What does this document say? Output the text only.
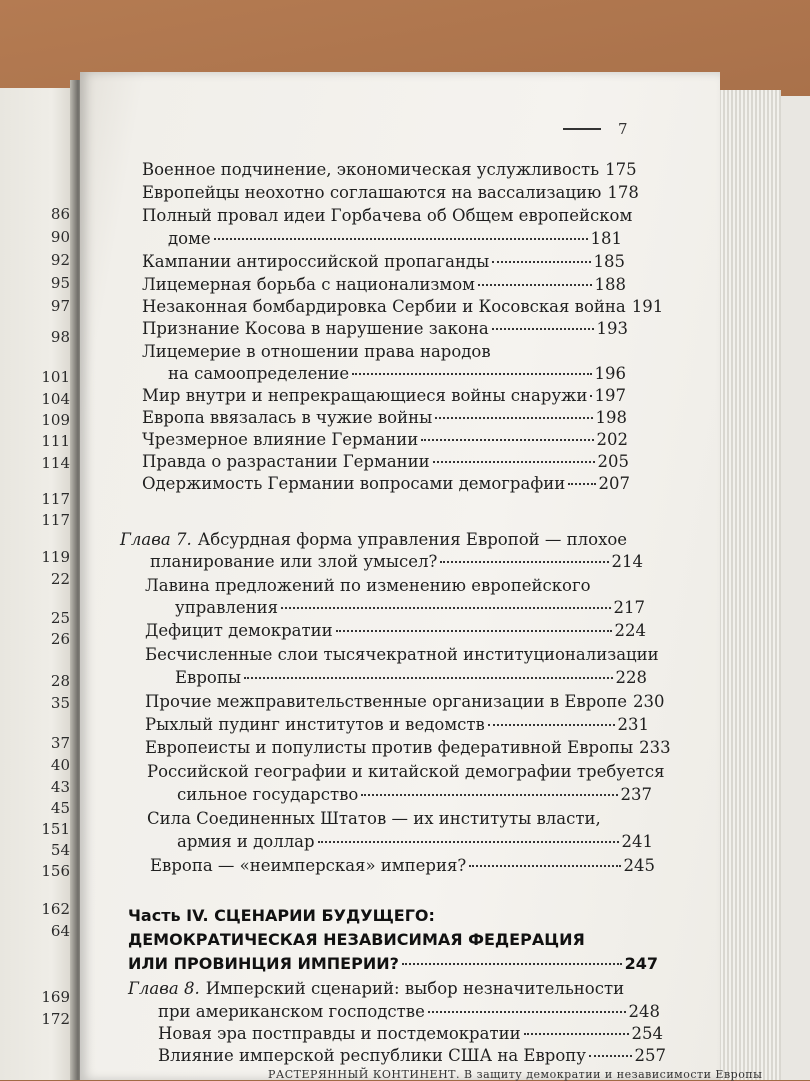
86
90
92
95
97
98
101
104
109
111
114
117
117
119
22
25
26
28
35
37
40
43
45
151
54
156
162
64
169
172
7
Военное подчинение, экономическая услужливость 175
Европейцы неохотно соглашаются на вассализацию 178
Полный провал идеи Горбачева об Общем европейском
доме	181
Кампании антироссийской пропаганды	185
Лицемерная борьба с национализмом	188
Незаконная бомбардировка Сербии и Косовская война 191
Признание Косова в нарушение закона	193
Лицемерие в отношении права народов
на самоопределение	196
Мир внутри и непрекращающиеся войны снаружи 197
Европа ввязалась в чужие войны	198
Чрезмерное влияние Германии	202
Правда о разрастании Германии	205
Одержимость Германии вопросами демографии 207
Глава 7. Абсурдная форма управления Европой — плохое
планирование или злой умысел?	214
Лавина предложений по изменению европейского
управления	217
Дефицит демократии	224
Бесчисленные слои тысячекратной институционализации
Европы	228
Прочие межправительственные организации в Европе 230
Рыхлый пудинг институтов и ведомств	231
Европеисты и популисты против федеративной Европы 233
Российской географии и китайской демографии требуется
сильное государство	237
Сила Соединенных Штатов — их институты власти,
армия и доллар	241
Европа — «неимперская» империя?	245
Часть IV. СЦЕНАРИИ БУДУЩЕГО:
ДЕМОКРАТИЧЕСКАЯ НЕЗАВИСИМАЯ ФЕДЕРАЦИЯ
ИЛИ ПРОВИНЦИЯ ИМПЕРИИ?	247
Глава 8. Имперский сценарий: выбор незначительности
при американском господстве	248
Новая эра постправды и постдемократии	254
Влияние имперской республики США на Европу	257
РАСТЕРЯННЫЙ КОНТИНЕНТ. В защиту демократии и независимости Европы
